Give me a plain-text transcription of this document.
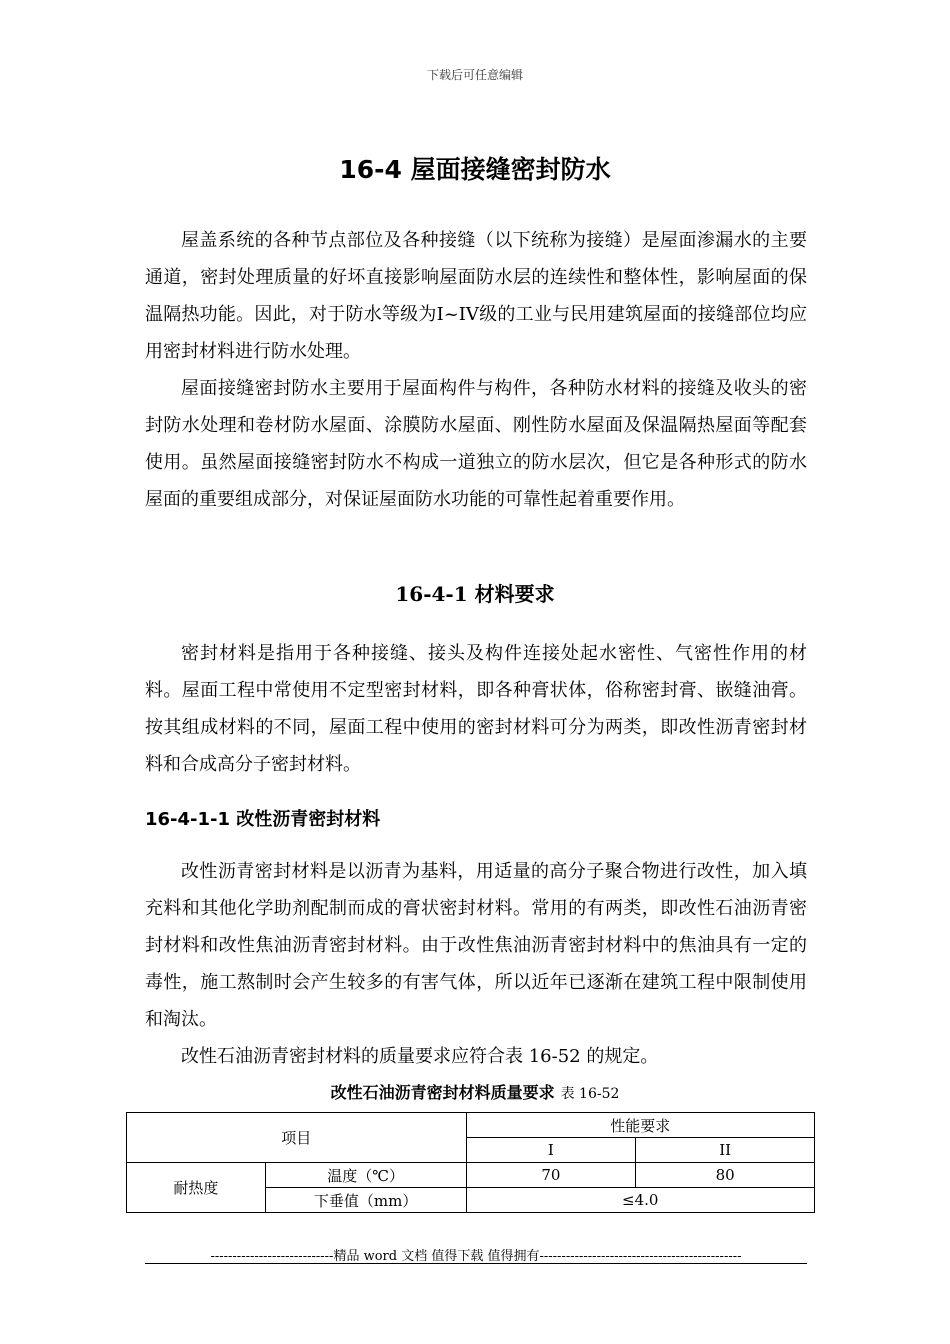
下载后可任意编辑
16-4 屋面接缝密封防水

屋盖系统的各种节点部位及各种接缝（以下统称为接缝）是屋面渗漏水的主要通道，密封处理质量的好坏直接影响屋面防水层的连续性和整体性，影响屋面的保温隔热功能。因此，对于防水等级为I~IV级的工业与民用建筑屋面的接缝部位均应用密封材料进行防水处理。

屋面接缝密封防水主要用于屋面构件与构件，各种防水材料的接缝及收头的密封防水处理和卷材防水屋面、涂膜防水屋面、刚性防水屋面及保温隔热屋面等配套使用。虽然屋面接缝密封防水不构成一道独立的防水层次，但它是各种形式的防水屋面的重要组成部分，对保证屋面防水功能的可靠性起着重要作用。

16-4-1 材料要求

密封材料是指用于各种接缝、接头及构件连接处起水密性、气密性作用的材料。屋面工程中常使用不定型密封材料，即各种膏状体，俗称密封膏、嵌缝油膏。按其组成材料的不同，屋面工程中使用的密封材料可分为两类，即改性沥青密封材料和合成高分子密封材料。

16-4-1-1 改性沥青密封材料

改性沥青密封材料是以沥青为基料，用适量的高分子聚合物进行改性，加入填充料和其他化学助剂配制而成的膏状密封材料。常用的有两类，即改性石油沥青密封材料和改性焦油沥青密封材料。由于改性焦油沥青密封材料中的焦油具有一定的毒性，施工熬制时会产生较多的有害气体，所以近年已逐渐在建筑工程中限制使用和淘汰。

改性石油沥青密封材料的质量要求应符合表 16-52 的规定。

改性石油沥青密封材料质量要求 表 16-52
项目		性能要求	
		I	II
耐热度	温度（℃）	70	80
	下垂值（mm）	≤4.0	
----------------------------精品 word 文档 值得下载 值得拥有----------------------------------------------
